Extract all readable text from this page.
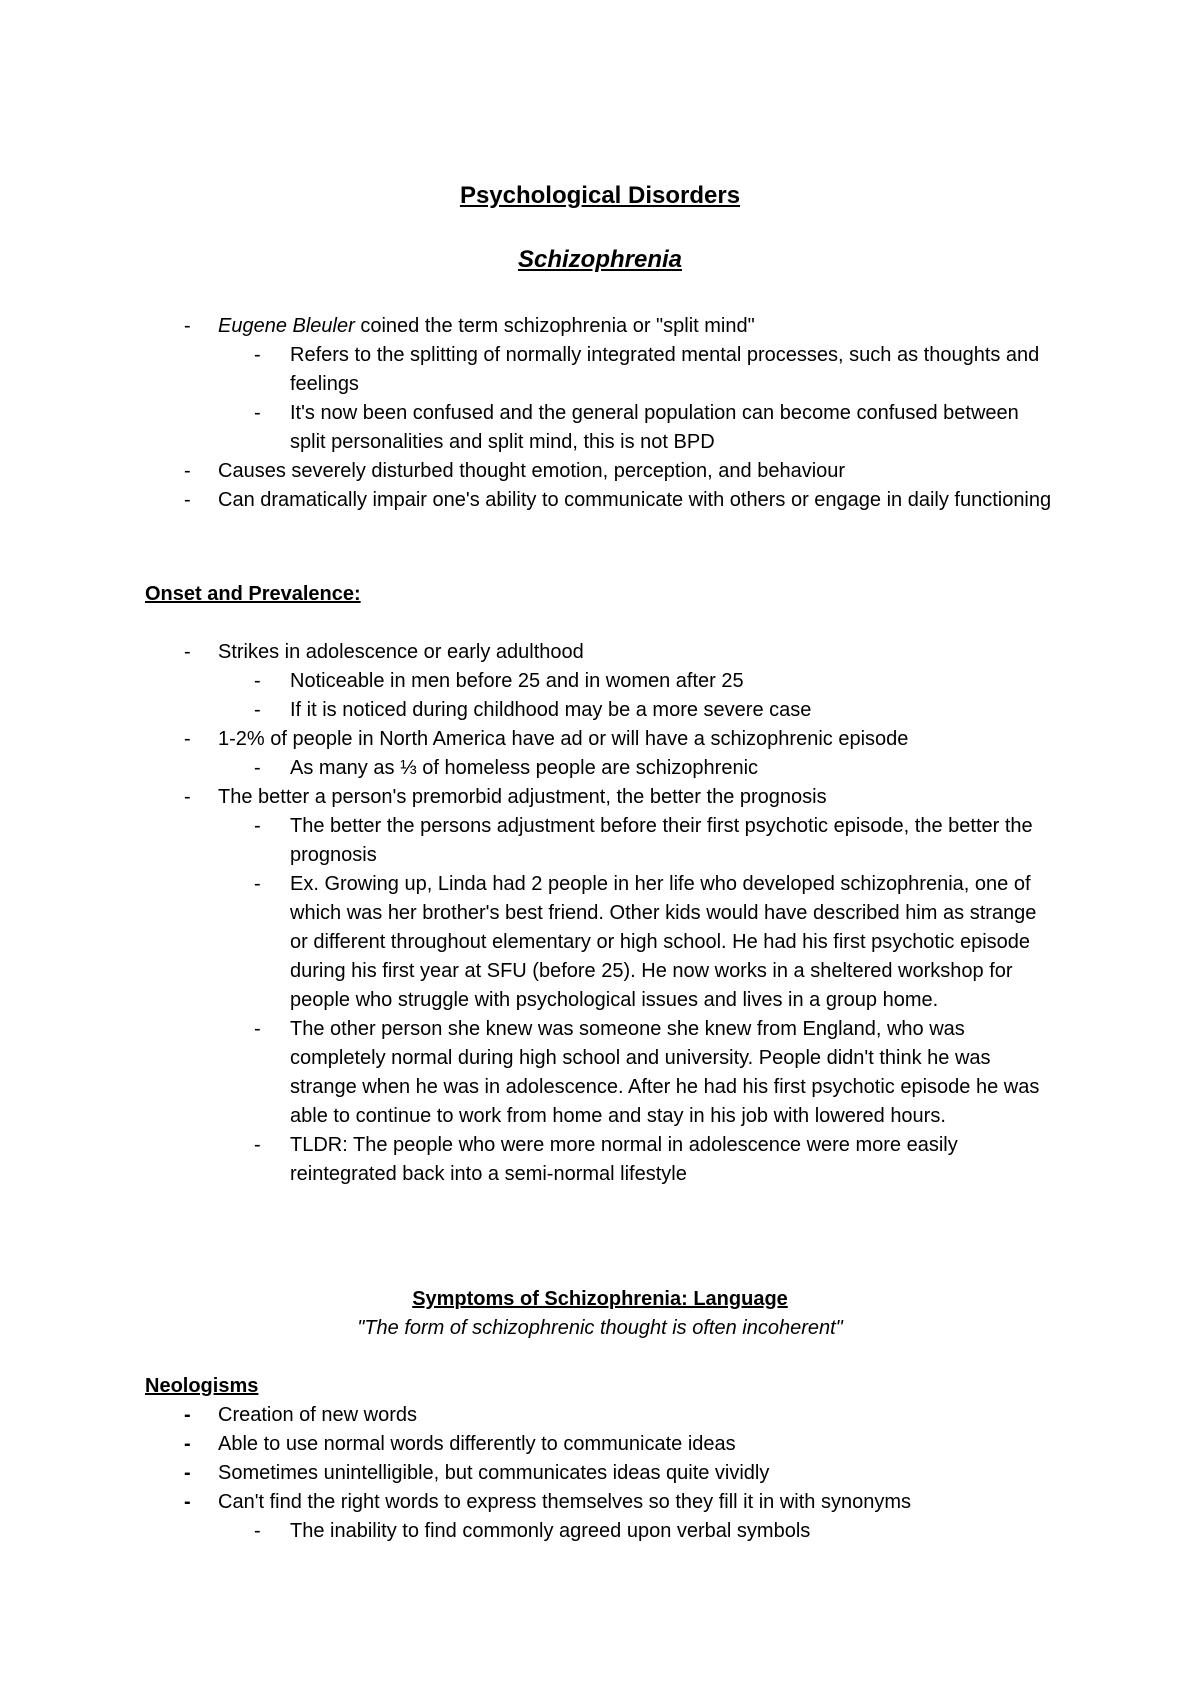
Psychological Disorders
Schizophrenia
- Eugene Bleuler coined the term schizophrenia or "split mind"
- Refers to the splitting of normally integrated mental processes, such as thoughts and feelings
- It's now been confused and the general population can become confused between split personalities and split mind, this is not BPD
- Causes severely disturbed thought emotion, perception, and behaviour
- Can dramatically impair one's ability to communicate with others or engage in daily functioning
Onset and Prevalence:
- Strikes in adolescence or early adulthood
- Noticeable in men before 25 and in women after 25
- If it is noticed during childhood may be a more severe case
- 1-2% of people in North America have ad or will have a schizophrenic episode
- As many as ⅓ of homeless people are schizophrenic
- The better a person's premorbid adjustment, the better the prognosis
- The better the persons adjustment before their first psychotic episode, the better the prognosis
- Ex. Growing up, Linda had 2 people in her life who developed schizophrenia, one of which was her brother's best friend. Other kids would have described him as strange or different throughout elementary or high school. He had his first psychotic episode during his first year at SFU (before 25). He now works in a sheltered workshop for people who struggle with psychological issues and lives in a group home.
- The other person she knew was someone she knew from England, who was completely normal during high school and university. People didn't think he was strange when he was in adolescence. After he had his first psychotic episode he was able to continue to work from home and stay in his job with lowered hours.
- TLDR: The people who were more normal in adolescence were more easily reintegrated back into a semi-normal lifestyle
Symptoms of Schizophrenia: Language
"The form of schizophrenic thought is often incoherent"
Neologisms
- Creation of new words
- Able to use normal words differently to communicate ideas
- Sometimes unintelligible, but communicates ideas quite vividly
- Can't find the right words to express themselves so they fill it in with synonyms
- The inability to find commonly agreed upon verbal symbols
